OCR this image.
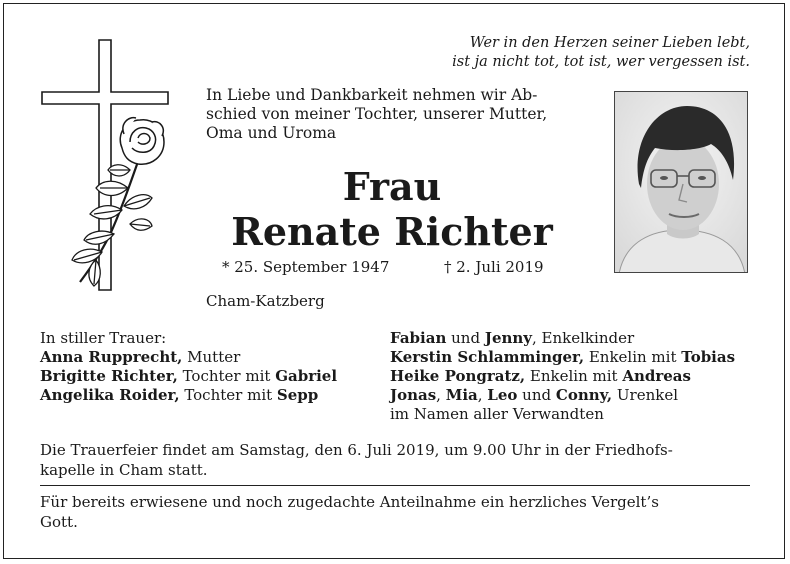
Wer in den Herzen seiner Lieben lebt,
ist ja nicht tot, tot ist, wer vergessen ist.
In Liebe und Dankbarkeit nehmen wir Ab-
schied von meiner Tochter, unserer Mutter,
Oma und Uroma
Frau
Renate Richter
* 25. September 1947	† 2. Juli 2019
Cham-Katzberg
In stiller Trauer:
Anna Rupprecht, Mutter
Brigitte Richter, Tochter mit Gabriel
Angelika Roider, Tochter mit Sepp
Fabian und Jenny, Enkelkinder
Kerstin Schlamminger, Enkelin mit Tobias
Heike Pongratz, Enkelin mit Andreas
Jonas, Mia, Leo und Conny, Urenkel
im Namen aller Verwandten
Die Trauerfeier findet am Samstag, den 6. Juli 2019, um 9.00 Uhr in der Friedhofs-
kapelle in Cham statt.
Für bereits erwiesene und noch zugedachte Anteilnahme ein herzliches Vergelt’s
Gott.
